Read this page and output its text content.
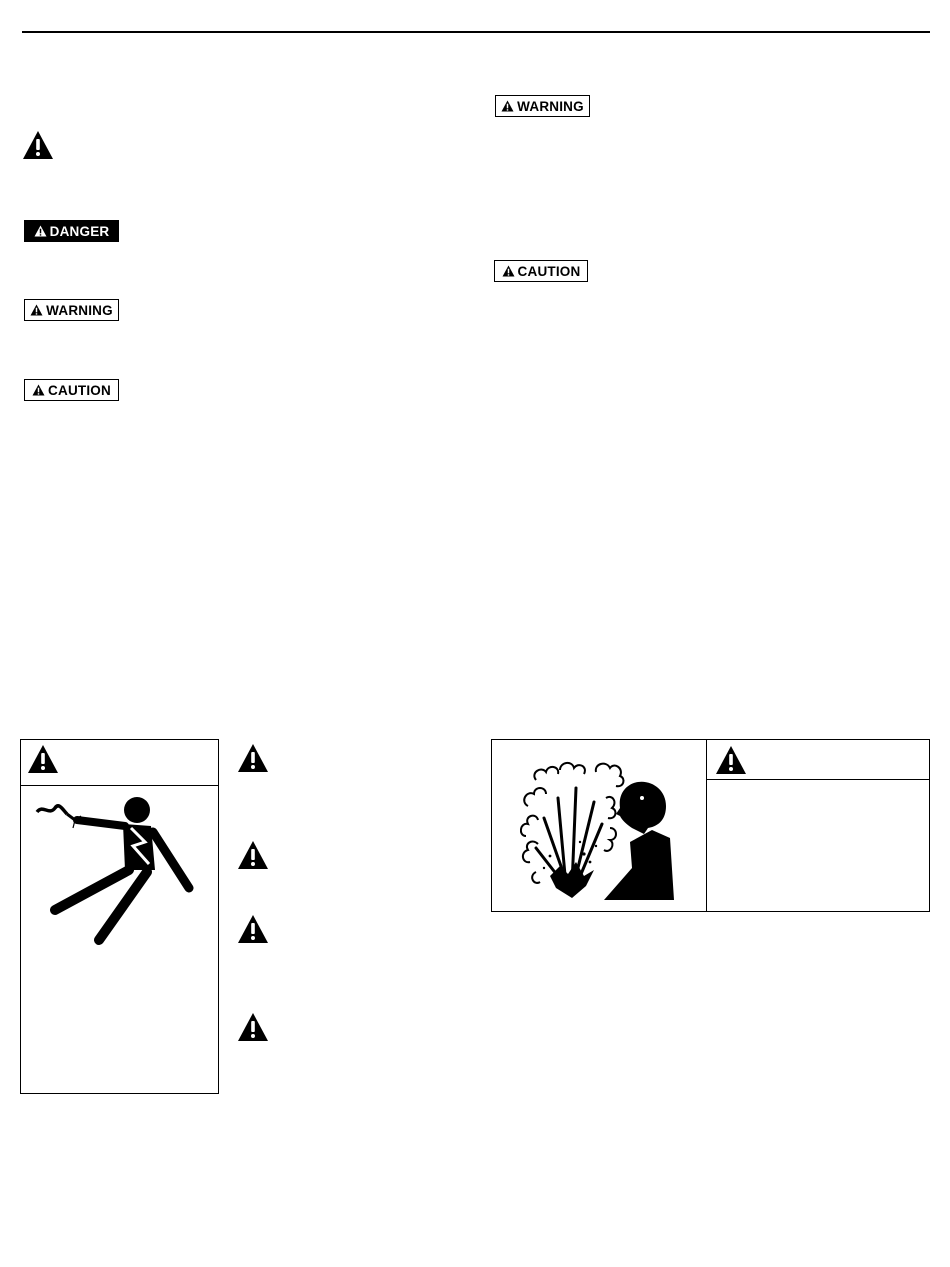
DANGER
WARNING
CAUTION
WARNING
CAUTION
